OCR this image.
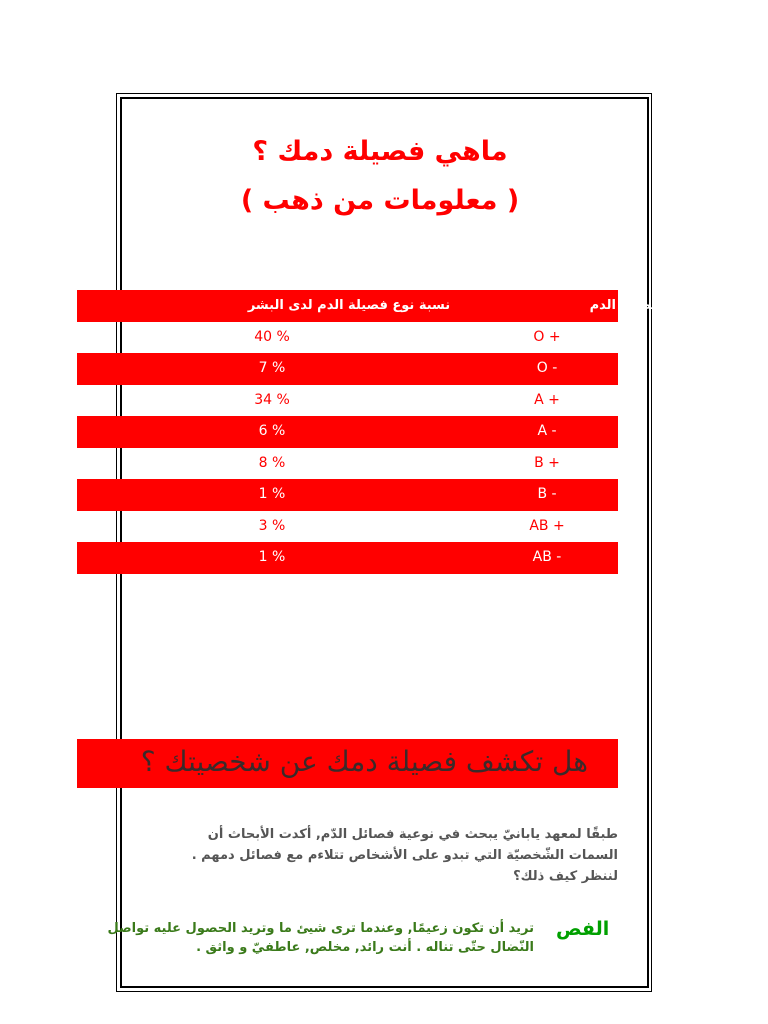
ماهي فصيلة دمك ؟
( معلومات من ذهب )
فصيلة الدم
نسبة نوع فصيلة الدم لدى البشر
O +
40 %
O -
7 %
A +
34 %
A -
6 %
B +
8 %
B -
1 %
AB +
3 %
AB -
1 %
هل تكشف فصيلة دمك عن شخصيتك ؟
طبقًا لمعهد يابانيّ يبحث في نوعية فصائل الدّم, أكدت الأبحاث أن السمات الشّخصيّة التي تبدو على الأشخاص تتلاءم مع فصائل دمهم . لننظر كيف ذلك؟
الفص
تريد أن تكون زعيمًا, وعندما ترى شيئ ما وتريد الحصول عليه تواصل النّضال حتّى تناله . أنت رائد, مخلص, عاطفيّ و واثق .
